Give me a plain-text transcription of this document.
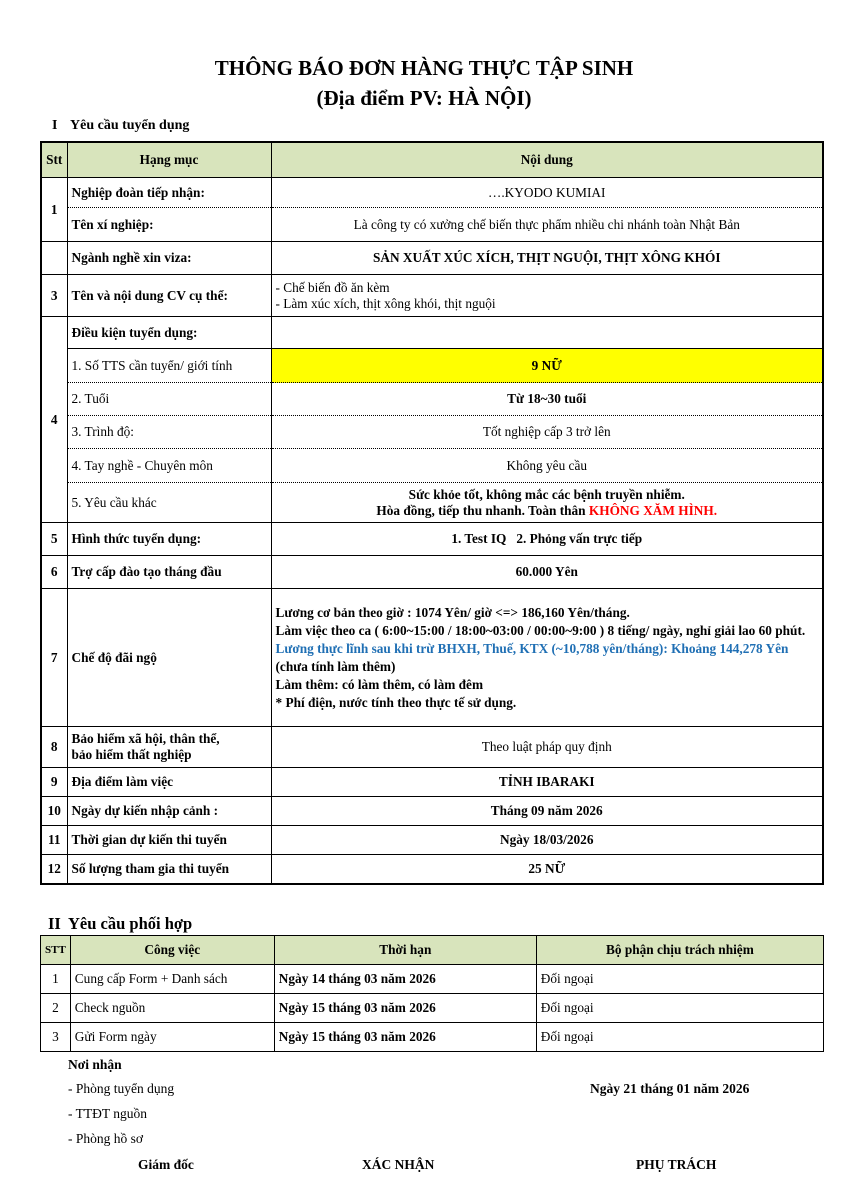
THÔNG BÁO ĐƠN HÀNG THỰC TẬP SINH
(Địa điểm PV: HÀ NỘI)
I Yêu cầu tuyển dụng
Stt	Hạng mục	Nội dung
1	Nghiệp đoàn tiếp nhận:	….KYODO KUMIAI
	Tên xí nghiệp:	Là công ty có xưởng chế biến thực phẩm nhiều chi nhánh toàn Nhật Bản
	Ngành nghề xin viza:	SẢN XUẤT XÚC XÍCH, THỊT NGUỘI, THỊT XÔNG KHÓI
3	Tên và nội dung CV cụ thể:	- Chế biến đồ ăn kèm
- Làm xúc xích, thịt xông khói, thịt nguội

4	Điều kiện tuyển dụng:	
	1. Số TTS cần tuyển/ giới tính	9 NỮ
	2. Tuổi	Từ 18~30 tuổi
	3. Trình độ:	Tốt nghiệp cấp 3 trở lên
	4. Tay nghề - Chuyên môn	Không yêu cầu
	5. Yêu cầu khác	Sức khỏe tốt, không mắc các bệnh truyền nhiễm.
Hòa đồng, tiếp thu nhanh. Toàn thân KHÔNG XĂM HÌNH.

5	Hình thức tuyển dụng:	1. Test IQ   2. Phỏng vấn trực tiếp
6	Trợ cấp đào tạo tháng đầu	60.000 Yên
7	Chế độ đãi ngộ	Lương cơ bản theo giờ : 1074 Yên/ giờ <=> 186,160 Yên/tháng.
Làm việc theo ca ( 6:00~15:00 / 18:00~03:00 / 00:00~9:00 ) 8 tiếng/ ngày, nghỉ giải lao 60 phút.
Lương thực lĩnh sau khi trừ BHXH, Thuế, KTX (~10,788 yên/tháng): Khoảng 144,278 Yên (chưa tính làm thêm)
Làm thêm: có làm thêm, có làm đêm
* Phí điện, nước tính theo thực tế sử dụng.

8	Bảo hiểm xã hội, thân thể,
bảo hiểm thất nghiệp	Theo luật pháp quy định
9	Địa điểm làm việc	TỈNH IBARAKI
10	Ngày dự kiến nhập cảnh :	Tháng 09 năm 2026
11	Thời gian dự kiến thi tuyển	Ngày 18/03/2026
12	Số lượng tham gia thi tuyển	25 NỮ
II Yêu cầu phối hợp
STT	Công việc	Thời hạn	Bộ phận chịu trách nhiệm
1	Cung cấp Form + Danh sách	Ngày 14 tháng 03 năm 2026	Đối ngoại
2	Check nguồn	Ngày 15 tháng 03 năm 2026	Đối ngoại
3	Gửi Form ngày	Ngày 15 tháng 03 năm 2026	Đối ngoại
Nơi nhận
- Phòng tuyển dụng
- TTĐT nguồn
- Phòng hồ sơ
Ngày 21 tháng 01 năm 2026
Giám đốc	XÁC NHẬN	PHỤ TRÁCH
